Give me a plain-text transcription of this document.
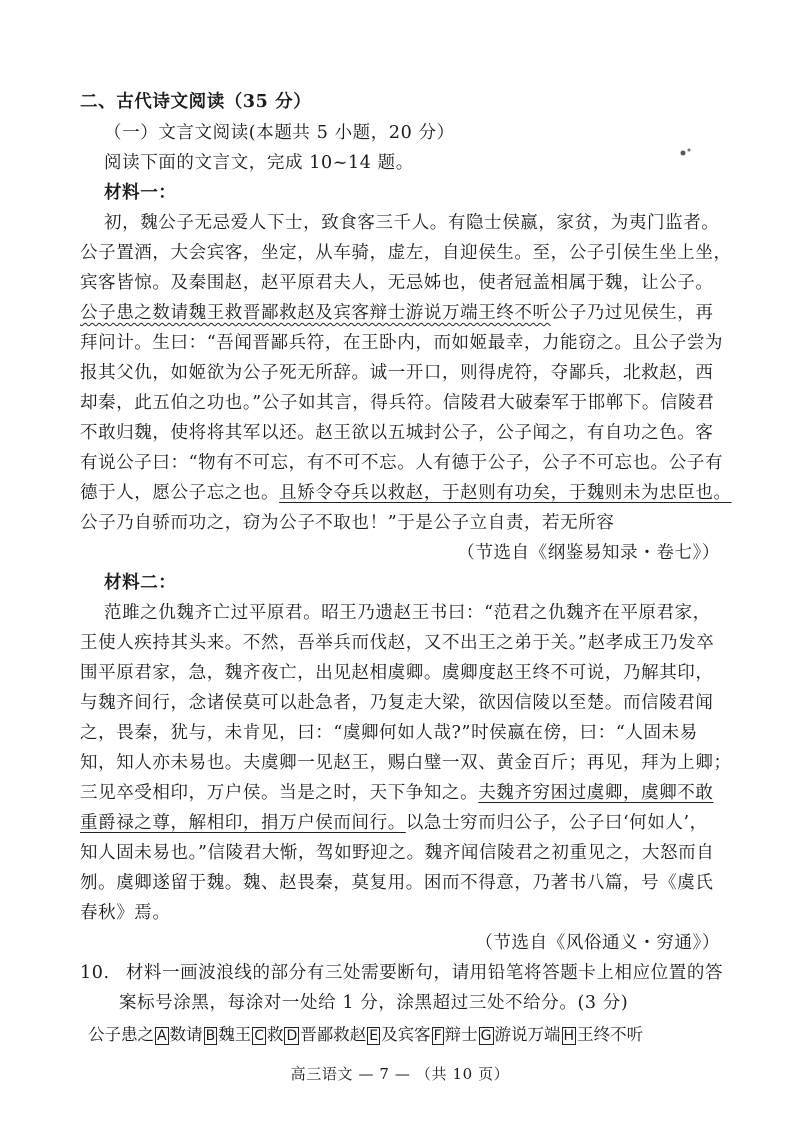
二、古代诗文阅读（35 分）
（一）文言文阅读(本题共 5 小题，20 分）
阅读下面的文言文，完成 10~14 题。
材料一：
初，魏公子无忌爱人下士，致食客三千人。有隐士侯嬴，家贫，为夷门监者。
公子置酒，大会宾客，坐定，从车骑，虚左，自迎侯生。至，公子引侯生坐上坐，
宾客皆惊。及秦围赵，赵平原君夫人，无忌姊也，使者冠盖相属于魏，让公子。
公子患之数请魏王救晋鄙救赵及宾客辩士游说万端王终不听公子乃过见侯生，再
拜问计。生曰：“吾闻晋鄙兵符，在王卧内，而如姬最幸，力能窃之。且公子尝为
报其父仇，如姬欲为公子死无所辞。诚一开口，则得虎符，夺鄙兵，北救赵，西
却秦，此五伯之功也。”公子如其言，得兵符。信陵君大破秦军于邯郸下。信陵君
不敢归魏，使将将其军以还。赵王欲以五城封公子，公子闻之，有自功之色。客
有说公子曰：“物有不可忘，有不可不忘。人有德于公子，公子不可忘也。公子有
德于人，愿公子忘之也。且矫令夺兵以救赵，于赵则有功矣，于魏则未为忠臣也。
公子乃自骄而功之，窃为公子不取也！”于是公子立自责，若无所容
（节选自《纲鉴易知录・卷七》）
材料二：
范雎之仇魏齐亡过平原君。昭王乃遗赵王书曰：“范君之仇魏齐在平原君家，
王使人疾持其头来。不然，吾举兵而伐赵，又不出王之弟于关。”赵孝成王乃发卒
围平原君家，急，魏齐夜亡，出见赵相虞卿。虞卿度赵王终不可说，乃解其印，
与魏齐间行，念诸侯莫可以赴急者，乃复走大梁，欲因信陵以至楚。而信陵君闻
之，畏秦，犹与，未肯见，曰：“虞卿何如人哉?”时侯嬴在傍，曰：“人固未易
知，知人亦未易也。夫虞卿一见赵王，赐白璧一双、黄金百斤；再见，拜为上卿；
三见卒受相印，万户侯。当是之时，天下争知之。夫魏齐穷困过虞卿，虞卿不敢
重爵禄之尊，解相印，捐万户侯而间行。以急士穷而归公子，公子曰‘何如人’，
知人固未易也。”信陵君大惭，驾如野迎之。魏齐闻信陵君之初重见之，大怒而自
刎。虞卿遂留于魏。魏、赵畏秦，莫复用。困而不得意，乃著书八篇，号《虞氏
春秋》焉。
（节选自《风俗通义・穷通》）
10. 材料一画波浪线的部分有三处需要断句，请用铅笔将答题卡上相应位置的答
案标号涂黑，每涂对一处给 1 分，涂黑超过三处不给分。(3 分)
公子患之 A 数请 B 魏王 C 救 D 晋鄙救赵 E 及宾客 F 辩士 G 游说万端 H 王终不听
高三语文 — 7 — （共 10 页）
